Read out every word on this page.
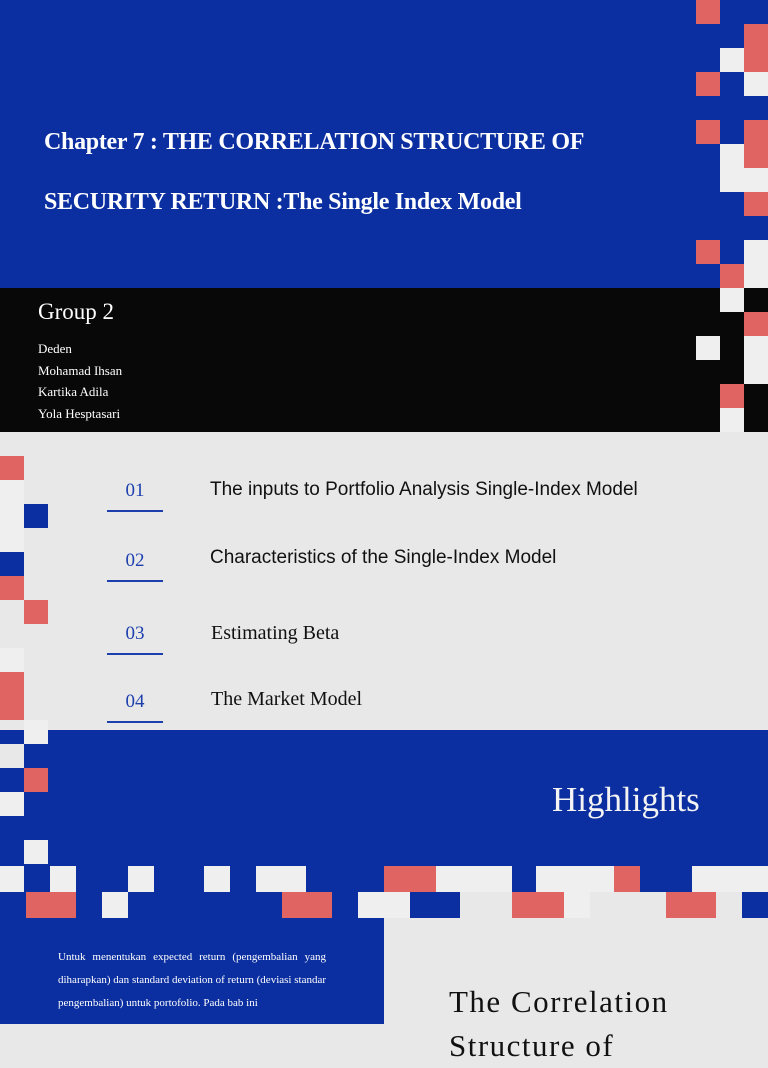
Chapter 7 : THE CORRELATION STRUCTURE OF
SECURITY RETURN :The Single Index Model
Group 2
Deden
Mohamad Ihsan
Kartika Adila
Yola Hesptasari
01	The inputs to Portfolio Analysis Single-Index Model
02	Characteristics of the Single-Index Model
03	Estimating Beta
04	The Market Model
Highlights
Untuk menentukan expected return (pengembalian yang diharapkan) dan standard deviation of return (deviasi standar pengembalian) untuk portofolio. Pada bab ini	The Correlation
Structure of
